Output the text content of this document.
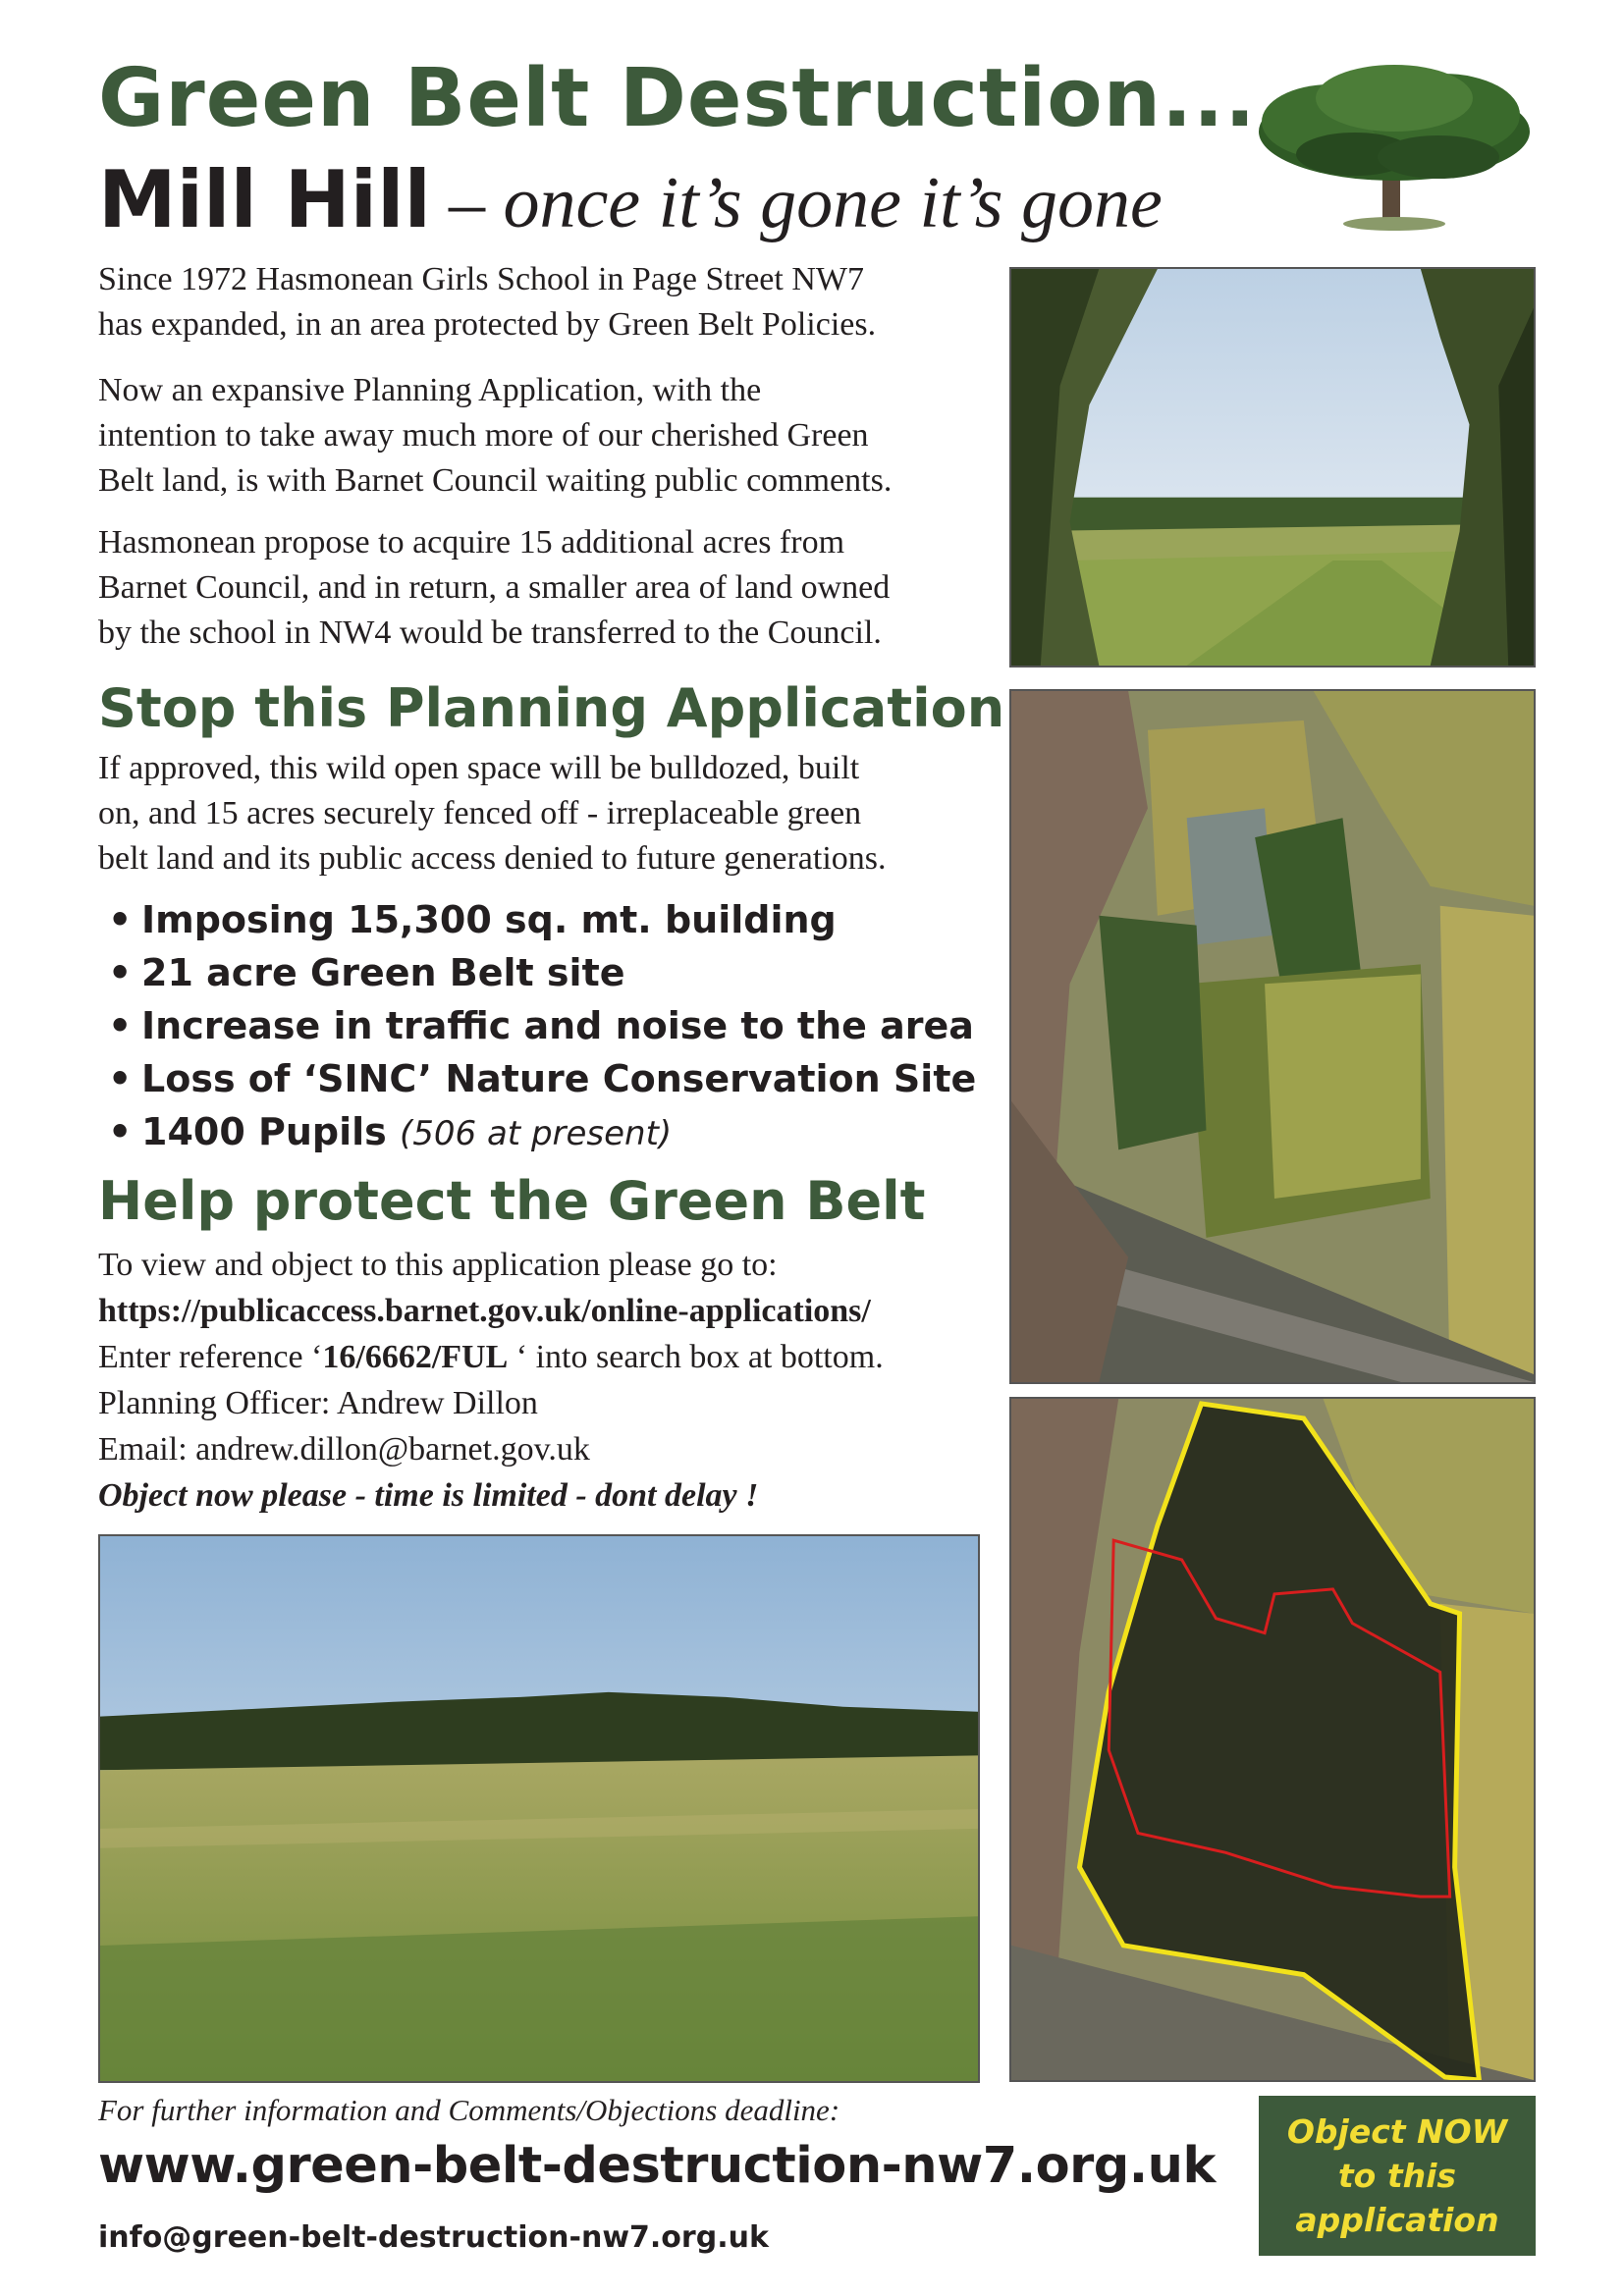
Green Belt Destruction...
Mill Hill – once it’s gone it’s gone

Since 1972 Hasmonean Girls School in Page Street NW7
has expanded, in an area protected by Green Belt Policies.

Now an expansive Planning Application, with the
intention to take away much more of our cherished Green
Belt land, is with Barnet Council waiting public comments.

Hasmonean propose to acquire 15 additional acres from
Barnet Council, and in return, a smaller area of land owned
by the school in NW4 would be transferred to the Council.

Stop this Planning Application

If approved, this wild open space will be bulldozed, built
on, and 15 acres securely fenced off - irreplaceable green
belt land and its public access denied to future generations.

• Imposing 15,300 sq. mt. building
• 21 acre Green Belt site
• Increase in traffic and noise to the area
• Loss of ‘SINC’ Nature Conservation Site
• 1400 Pupils (506 at present)
Help protect the Green Belt
To view and object to this application please go to:
https://publicaccess.barnet.gov.uk/online-applications/
Enter reference ‘16/6662/FUL ‘ into search box at bottom.
Planning Officer: Andrew Dillon
Email: andrew.dillon@barnet.gov.uk
Object now please - time is limited - dont delay !
For further information and Comments/Objections deadline:
www.green-belt-destruction-nw7.org.uk
info@green-belt-destruction-nw7.org.uk
Object NOW
to this
application
